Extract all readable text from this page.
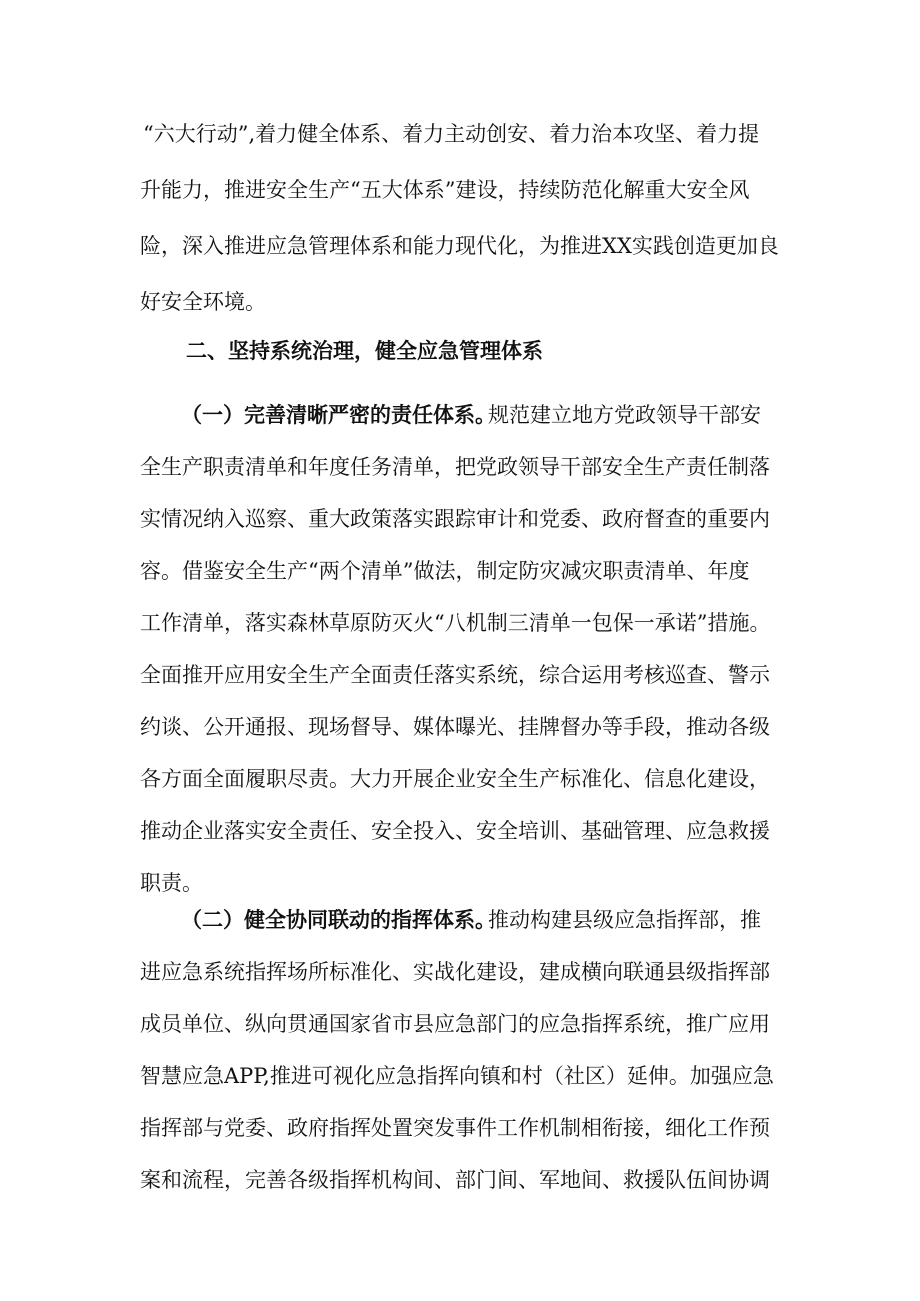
“六大行动”,着力健全体系、着力主动创安、着力治本攻坚、着力提
升能力，推进安全生产“五大体系”建设，持续防范化解重大安全风
险，深入推进应急管理体系和能力现代化，为推进XX实践创造更加良
好安全环境。
二、坚持系统治理，健全应急管理体系
（一）完善清晰严密的责任体系。
规范建立地方党政领导干部安
全生产职责清单和年度任务清单，把党政领导干部安全生产责任制落
实情况纳入巡察、重大政策落实跟踪审计和党委、政府督查的重要内
容。借鉴安全生产“两个清单”做法，制定防灾减灾职责清单、年度
工作清单，落实森林草原防灭火“八机制三清单一包保一承诺”措施。
全面推开应用安全生产全面责任落实系统，综合运用考核巡查、警示
约谈、公开通报、现场督导、媒体曝光、挂牌督办等手段，推动各级
各方面全面履职尽责。大力开展企业安全生产标准化、信息化建设，
推动企业落实安全责任、安全投入、安全培训、基础管理、应急救援
职责。
（二）健全协同联动的指挥体系。
推动构建县级应急指挥部，推
进应急系统指挥场所标准化、实战化建设，建成横向联通县级指挥部
成员单位、纵向贯通国家省市县应急部门的应急指挥系统，推广应用
智慧应急APP,推进可视化应急指挥向镇和村（社区）延伸。加强应急
指挥部与党委、政府指挥处置突发事件工作机制相衔接，细化工作预
案和流程，完善各级指挥机构间、部门间、军地间、救援队伍间协调
